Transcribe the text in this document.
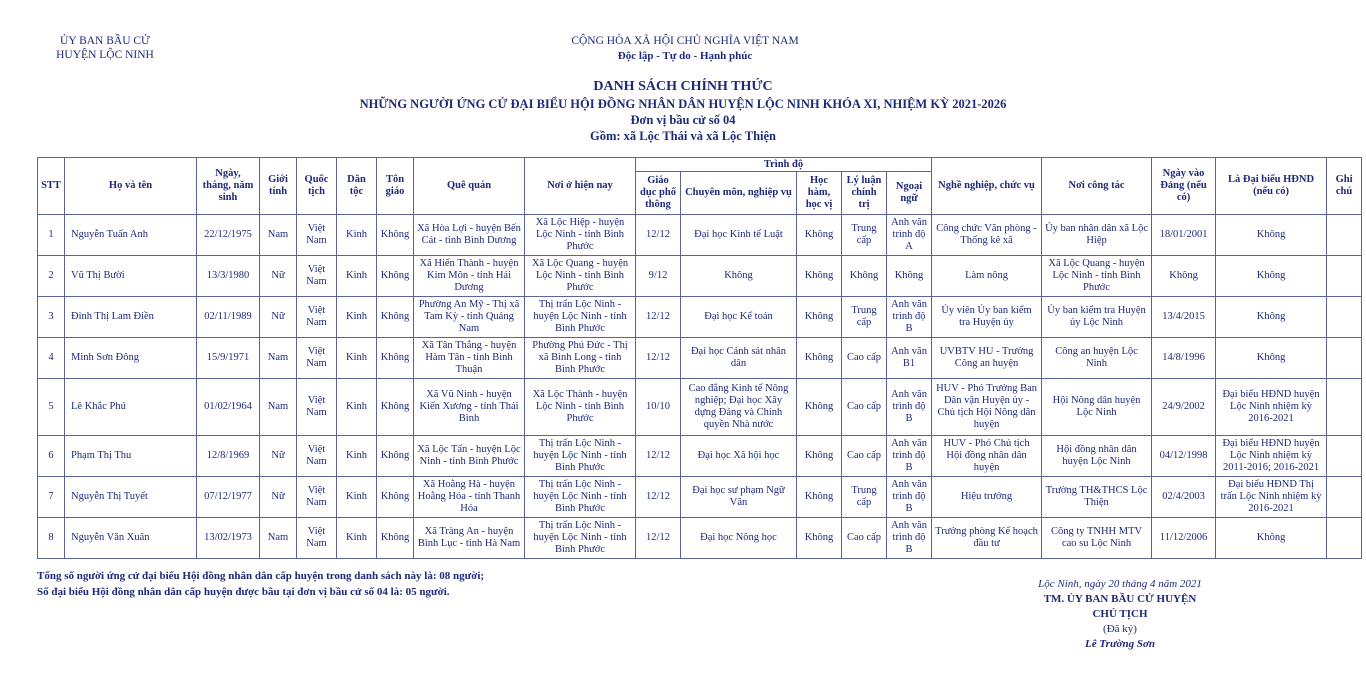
ỦY BAN BẦU CỬ
HUYỆN LỘC NINH
CỘNG HÒA XÃ HỘI CHỦ NGHĨA VIỆT NAM
Độc lập - Tự do - Hạnh phúc
DANH SÁCH CHÍNH THỨC
NHỮNG NGƯỜI ỨNG CỬ ĐẠI BIỂU HỘI ĐỒNG NHÂN DÂN HUYỆN LỘC NINH KHÓA XI, NHIỆM KỲ 2021-2026
Đơn vị bầu cử số 04
Gồm: xã Lộc Thái và xã Lộc Thiện
STT	Họ và tên	Ngày, tháng, năm sinh	Giới tính	Quốc tịch	Dân tộc	Tôn giáo	Quê quán	Nơi ở hiện nay	Trình độ					Nghề nghiệp, chức vụ	Nơi công tác	Ngày vào Đảng (nếu có)	Là Đại biểu HĐND (nếu có)	Ghi chú
									Giáo dục phổ thông	Chuyên môn, nghiệp vụ	Học hàm, học vị	Lý luận chính trị	Ngoại ngữ					
1	Nguyễn Tuấn Anh	22/12/1975	Nam	Việt Nam	Kinh	Không	Xã Hòa Lợi - huyện Bến Cát - tỉnh Bình Dương	Xã Lộc Hiệp - huyện Lộc Ninh - tỉnh Bình Phước	12/12	Đại học Kinh tế Luật	Không	Trung cấp	Anh văn trình độ A	Công chức Văn phòng - Thống kê xã	Ủy ban nhân dân xã Lộc Hiệp	18/01/2001	Không	
2	Vũ Thị Bười	13/3/1980	Nữ	Việt Nam	Kinh	Không	Xã Hiến Thành - huyện Kim Môn - tỉnh Hải Dương	Xã Lộc Quang - huyện Lộc Ninh - tỉnh Bình Phước	9/12	Không	Không	Không	Không	Làm nông	Xã Lộc Quang - huyện Lộc Ninh - tỉnh Bình Phước	Không	Không	
3	Đinh Thị Lam Điền	02/11/1989	Nữ	Việt Nam	Kinh	Không	Phường An Mỹ - Thị xã Tam Kỳ - tỉnh Quảng Nam	Thị trấn Lộc Ninh - huyện Lộc Ninh - tỉnh Bình Phước	12/12	Đại học Kế toán	Không	Trung cấp	Anh văn trình độ B	Ủy viên Ủy ban kiểm tra Huyện ủy	Ủy ban kiểm tra Huyện ủy Lộc Ninh	13/4/2015	Không	
4	Minh Sơn Đông	15/9/1971	Nam	Việt Nam	Kinh	Không	Xã Tân Thắng - huyện Hàm Tân - tỉnh Bình Thuận	Phường Phú Đức - Thị xã Bình Long - tỉnh Bình Phước	12/12	Đại học Cảnh sát nhân dân	Không	Cao cấp	Anh văn B1	UVBTV HU - Trưởng Công an huyện	Công an huyện Lộc Ninh	14/8/1996	Không	
5	Lê Khắc Phú	01/02/1964	Nam	Việt Nam	Kinh	Không	Xã Vũ Ninh - huyện Kiến Xương - tỉnh Thái Bình	Xã Lộc Thành - huyện Lộc Ninh - tỉnh Bình Phước	10/10	Cao đẳng Kinh tế Nông nghiệp; Đại học Xây dựng Đảng và Chính quyền Nhà nước	Không	Cao cấp	Anh văn trình độ B	HUV - Phó Trưởng Ban Dân vận Huyện ủy - Chủ tịch Hội Nông dân huyện	Hội Nông dân huyện Lộc Ninh	24/9/2002	Đại biểu HĐND huyện Lộc Ninh nhiệm kỳ 2016-2021	
6	Phạm Thị Thu	12/8/1969	Nữ	Việt Nam	Kinh	Không	Xã Lộc Tấn - huyện Lộc Ninh - tỉnh Bình Phước	Thị trấn Lộc Ninh - huyện Lộc Ninh - tỉnh Bình Phước	12/12	Đại học Xã hội học	Không	Cao cấp	Anh văn trình độ B	HUV - Phó Chủ tịch Hội đồng nhân dân huyện	Hội đồng nhân dân huyện Lộc Ninh	04/12/1998	Đại biểu HĐND huyện Lộc Ninh nhiệm kỳ 2011-2016; 2016-2021	
7	Nguyễn Thị Tuyết	07/12/1977	Nữ	Việt Nam	Kinh	Không	Xã Hoằng Hà - huyện Hoằng Hóa - tỉnh Thanh Hóa	Thị trấn Lộc Ninh - huyện Lộc Ninh - tỉnh Bình Phước	12/12	Đại học sư phạm Ngữ Văn	Không	Trung cấp	Anh văn trình độ B	Hiệu trưởng	Trường TH&THCS Lộc Thiện	02/4/2003	Đại biểu HĐND Thị trấn Lộc Ninh nhiệm kỳ 2016-2021	
8	Nguyễn Văn Xuân	13/02/1973	Nam	Việt Nam	Kinh	Không	Xã Tràng An - huyện Bình Lục - tỉnh Hà Nam	Thị trấn Lộc Ninh - huyện Lộc Ninh - tỉnh Bình Phước	12/12	Đại học Nông học	Không	Cao cấp	Anh văn trình độ B	Trưởng phòng Kế hoạch đầu tư	Công ty TNHH MTV cao su Lộc Ninh	11/12/2006	Không	
Tổng số người ứng cử đại biểu Hội đồng nhân dân cấp huyện trong danh sách này là: 08 người;
Số đại biểu Hội đồng nhân dân cấp huyện được bầu tại đơn vị bầu cử số 04 là: 05 người.
Lộc Ninh, ngày 20 tháng 4 năm 2021
TM. ỦY BAN BẦU CỬ HUYỆN
CHỦ TỊCH
(Đã ký)
Lê Trường Sơn
